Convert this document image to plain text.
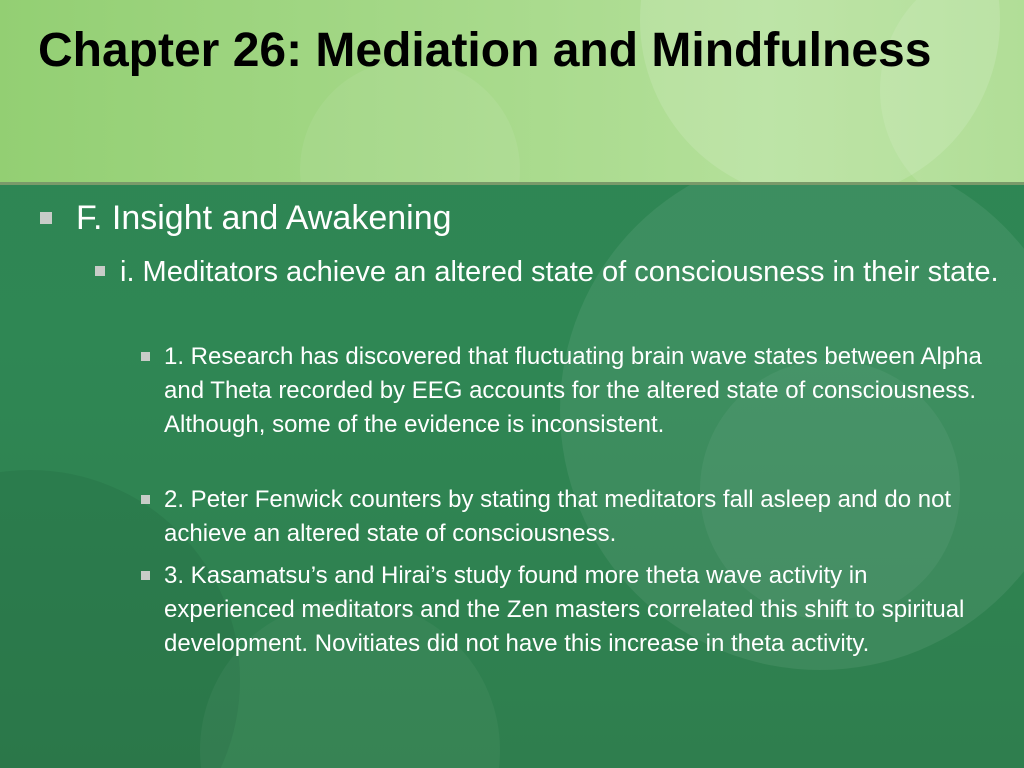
Chapter 26: Mediation and Mindfulness
F. Insight and Awakening
i. Meditators achieve an altered state of consciousness in their state.
1. Research has discovered that fluctuating brain wave states between Alpha and Theta recorded by EEG accounts for the altered state of consciousness. Although, some of the evidence is inconsistent.
2. Peter Fenwick counters by stating that meditators fall asleep and do not achieve an altered state of consciousness.
3. Kasamatsu’s and Hirai’s study found more theta wave activity in experienced meditators and the Zen masters correlated this shift to spiritual development. Novitiates did not have this increase in theta activity.
